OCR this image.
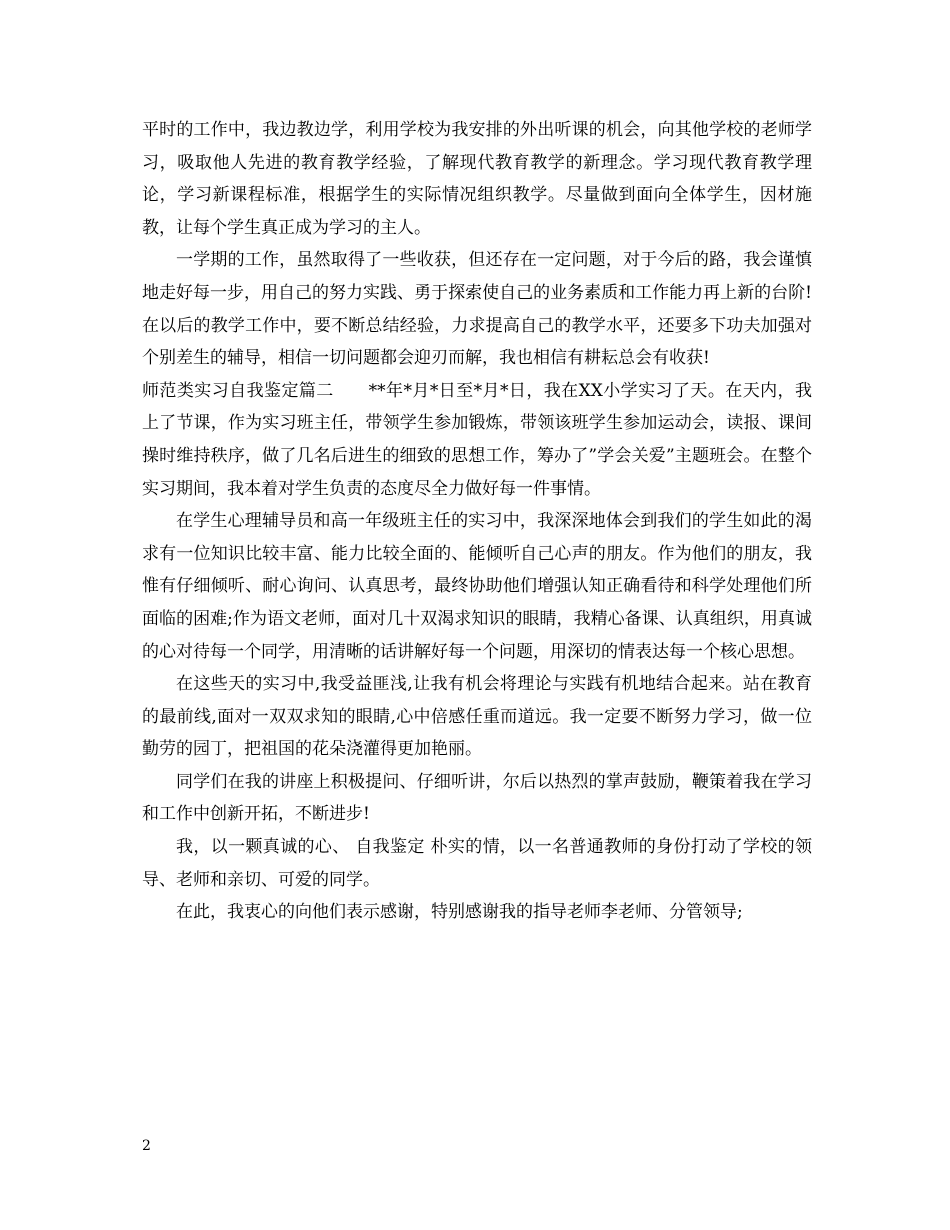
平时的工作中，我边教边学，利用学校为我安排的外出听课的机会，向其他学校的老师学习，吸取他人先进的教育教学经验，了解现代教育教学的新理念。学习现代教育教学理论，学习新课程标准，根据学生的实际情况组织教学。尽量做到面向全体学生，因材施教，让每个学生真正成为学习的主人。

一学期的工作，虽然取得了一些收获，但还存在一定问题，对于今后的路，我会谨慎地走好每一步，用自己的努力实践、勇于探索使自己的业务素质和工作能力再上新的台阶!在以后的教学工作中，要不断总结经验，力求提高自己的教学水平，还要多下功夫加强对个别差生的辅导，相信一切问题都会迎刃而解，我也相信有耕耘总会有收获!

师范类实习自我鉴定篇二　　**年*月*日至*月*日，我在XX小学实习了天。在天内，我上了节课，作为实习班主任，带领学生参加锻炼，带领该班学生参加运动会，读报、课间操时维持秩序，做了几名后进生的细致的思想工作，筹办了”学会关爱”主题班会。在整个实习期间，我本着对学生负责的态度尽全力做好每一件事情。

在学生心理辅导员和高一年级班主任的实习中，我深深地体会到我们的学生如此的渴求有一位知识比较丰富、能力比较全面的、能倾听自己心声的朋友。作为他们的朋友，我惟有仔细倾听、耐心询问、认真思考，最终协助他们增强认知正确看待和科学处理他们所面临的困难;作为语文老师，面对几十双渴求知识的眼睛，我精心备课、认真组织，用真诚的心对待每一个同学，用清晰的话讲解好每一个问题，用深切的情表达每一个核心思想。

在这些天的实习中,我受益匪浅,让我有机会将理论与实践有机地结合起来。站在教育的最前线,面对一双双求知的眼睛,心中倍感任重而道远。我一定要不断努力学习，做一位勤劳的园丁，把祖国的花朵浇灌得更加艳丽。

同学们在我的讲座上积极提问、仔细听讲，尔后以热烈的掌声鼓励，鞭策着我在学习和工作中创新开拓，不断进步!

我，以一颗真诚的心、 自我鉴定 朴实的情，以一名普通教师的身份打动了学校的领导、老师和亲切、可爱的同学。

在此，我衷心的向他们表示感谢，特别感谢我的指导老师李老师、分管领导;

2
